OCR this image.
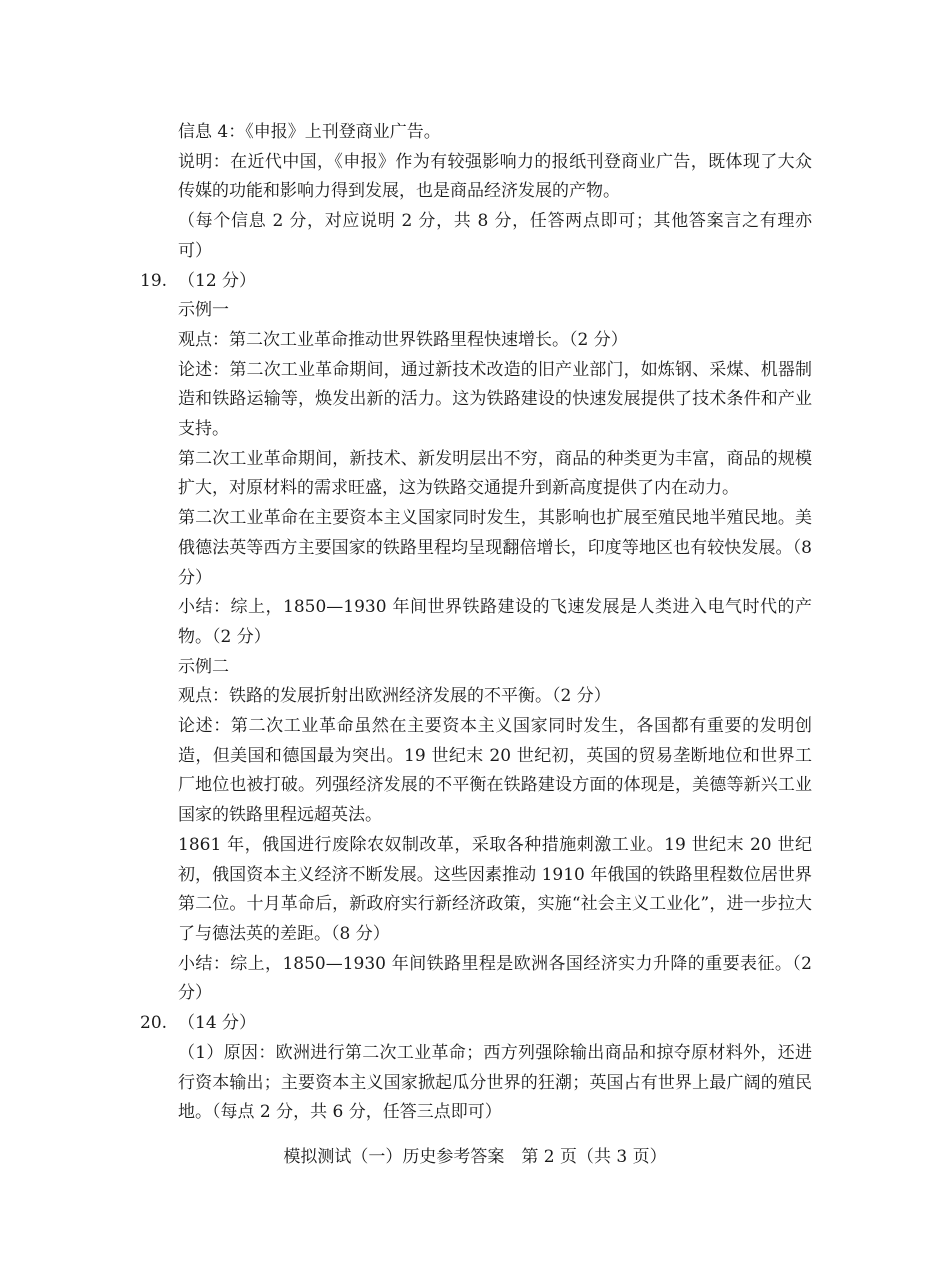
信息 4：《申报》上刊登商业广告。

说明：在近代中国，《申报》作为有较强影响力的报纸刊登商业广告，既体现了大众传媒的功能和影响力得到发展，也是商品经济发展的产物。

（每个信息 2 分，对应说明 2 分，共 8 分，任答两点即可；其他答案言之有理亦可）

19. （12 分）

示例一

观点：第二次工业革命推动世界铁路里程快速增长。（2 分）

论述：第二次工业革命期间，通过新技术改造的旧产业部门，如炼钢、采煤、机器制造和铁路运输等，焕发出新的活力。这为铁路建设的快速发展提供了技术条件和产业支持。

第二次工业革命期间，新技术、新发明层出不穷，商品的种类更为丰富，商品的规模扩大，对原材料的需求旺盛，这为铁路交通提升到新高度提供了内在动力。

第二次工业革命在主要资本主义国家同时发生，其影响也扩展至殖民地半殖民地。美俄德法英等西方主要国家的铁路里程均呈现翻倍增长，印度等地区也有较快发展。（8 分）

小结：综上，1850—1930 年间世界铁路建设的飞速发展是人类进入电气时代的产物。（2 分）

示例二

观点：铁路的发展折射出欧洲经济发展的不平衡。（2 分）

论述：第二次工业革命虽然在主要资本主义国家同时发生，各国都有重要的发明创造，但美国和德国最为突出。19 世纪末 20 世纪初，英国的贸易垄断地位和世界工厂地位也被打破。列强经济发展的不平衡在铁路建设方面的体现是，美德等新兴工业国家的铁路里程远超英法。

1861 年，俄国进行废除农奴制改革，采取各种措施刺激工业。19 世纪末 20 世纪初，俄国资本主义经济不断发展。这些因素推动 1910 年俄国的铁路里程数位居世界第二位。十月革命后，新政府实行新经济政策，实施“社会主义工业化”，进一步拉大了与德法英的差距。（8 分）

小结：综上，1850—1930 年间铁路里程是欧洲各国经济实力升降的重要表征。（2 分）

20. （14 分）

（1）原因：欧洲进行第二次工业革命；西方列强除输出商品和掠夺原材料外，还进行资本输出；主要资本主义国家掀起瓜分世界的狂潮；英国占有世界上最广阔的殖民地。（每点 2 分，共 6 分，任答三点即可）

模拟测试（一）历史参考答案　第 2 页（共 3 页）
